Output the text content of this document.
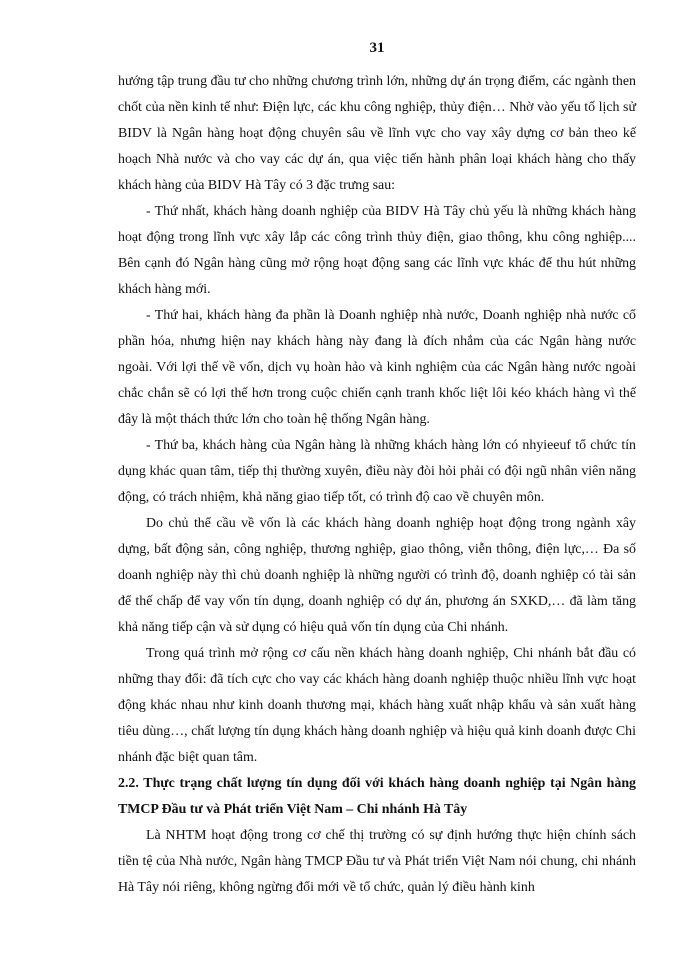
31

hướng tập trung đầu tư cho những chương trình lớn, những dự án trọng điểm, các ngành then chốt của nền kinh tế như: Điện lực, các khu công nghiệp, thủy điện… Nhờ vào yếu tố lịch sử BIDV là Ngân hàng hoạt động chuyên sâu về lĩnh vực cho vay xây dựng cơ bản theo kế hoạch Nhà nước và cho vay các dự án, qua việc tiến hành phân loại khách hàng cho thấy khách hàng của BIDV Hà Tây có 3 đặc trưng sau:

- Thứ nhất, khách hàng doanh nghiệp của BIDV Hà Tây chủ yếu là những khách hàng hoạt động trong lĩnh vực xây lắp các công trình thủy điện, giao thông, khu công nghiệp.... Bên cạnh đó Ngân hàng cũng mở rộng hoạt động sang các lĩnh vực khác để thu hút những khách hàng mới.

- Thứ hai, khách hàng đa phần là Doanh nghiệp nhà nước, Doanh nghiệp nhà nước cổ phần hóa, nhưng hiện nay khách hàng này đang là đích nhắm của các Ngân hàng nước ngoài. Với lợi thế về vốn, dịch vụ hoàn hảo và kinh nghiệm của các Ngân hàng nước ngoài chắc chắn sẽ có lợi thế hơn trong cuộc chiến cạnh tranh khốc liệt lôi kéo khách hàng vì thế đây là một thách thức lớn cho toàn hệ thống Ngân hàng.

- Thứ ba, khách hàng của Ngân hàng là những khách hàng lớn có nhyieeuf tổ chức tín dụng khác quan tâm, tiếp thị thường xuyên, điều này đòi hỏi phải có đội ngũ nhân viên năng động, có trách nhiệm, khả năng giao tiếp tốt, có trình độ cao về chuyên môn.

Do chủ thể cầu về vốn là các khách hàng doanh nghiệp hoạt động trong ngành xây dựng, bất động sản, công nghiệp, thương nghiệp, giao thông, viễn thông, điện lực,… Đa số doanh nghiệp này thì chủ doanh nghiệp là những người có trình độ, doanh nghiệp có tài sản để thế chấp để vay vốn tín dụng, doanh nghiệp có dự án, phương án SXKD,… đã làm tăng khả năng tiếp cận và sử dụng có hiệu quả vốn tín dụng của Chi nhánh.

Trong quá trình mở rộng cơ cấu nền khách hàng doanh nghiệp, Chi nhánh bắt đầu có những thay đổi: đã tích cực cho vay các khách hàng doanh nghiệp thuộc nhiều lĩnh vực hoạt động khác nhau như kinh doanh thương mại, khách hàng xuất nhập khẩu và sản xuất hàng tiêu dùng…, chất lượng tín dụng khách hàng doanh nghiệp và hiệu quả kinh doanh được Chi nhánh đặc biệt quan tâm.

2.2. Thực trạng chất lượng tín dụng đối với khách hàng doanh nghiệp tại Ngân hàng TMCP Đầu tư và Phát triển Việt Nam – Chi nhánh Hà Tây

Là NHTM hoạt động trong cơ chế thị trường có sự định hướng thực hiện chính sách tiền tệ của Nhà nước, Ngân hàng TMCP Đầu tư và Phát triển Việt Nam nói chung, chi nhánh Hà Tây nói riêng, không ngừng đổi mới về tổ chức, quản lý điều hành kinh
